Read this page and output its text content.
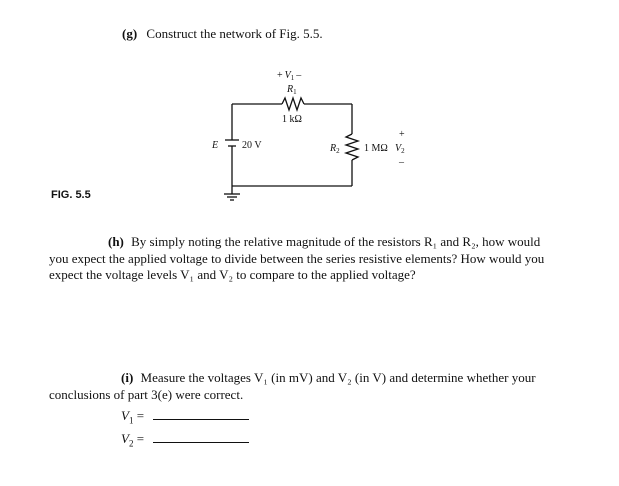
(g) Construct the network of Fig. 5.5.
+ $V_1$ –
$R_1$
1 kΩ
E 20 V	$R_2$ 1 MΩ
+
$V_2$
–
FIG. 5.5
(h) By simply noting the relative magnitude of the resistors R₁ and R₂, how would
you expect the applied voltage to divide between the series resistive elements? How would you
expect the voltage levels V₁ and V₂ to compare to the applied voltage?
(i) Measure the voltages V₁ (in mV) and V₂ (in V) and determine whether your
conclusions of part 3(e) were correct.
$V_1$ =
$V_2$ =
